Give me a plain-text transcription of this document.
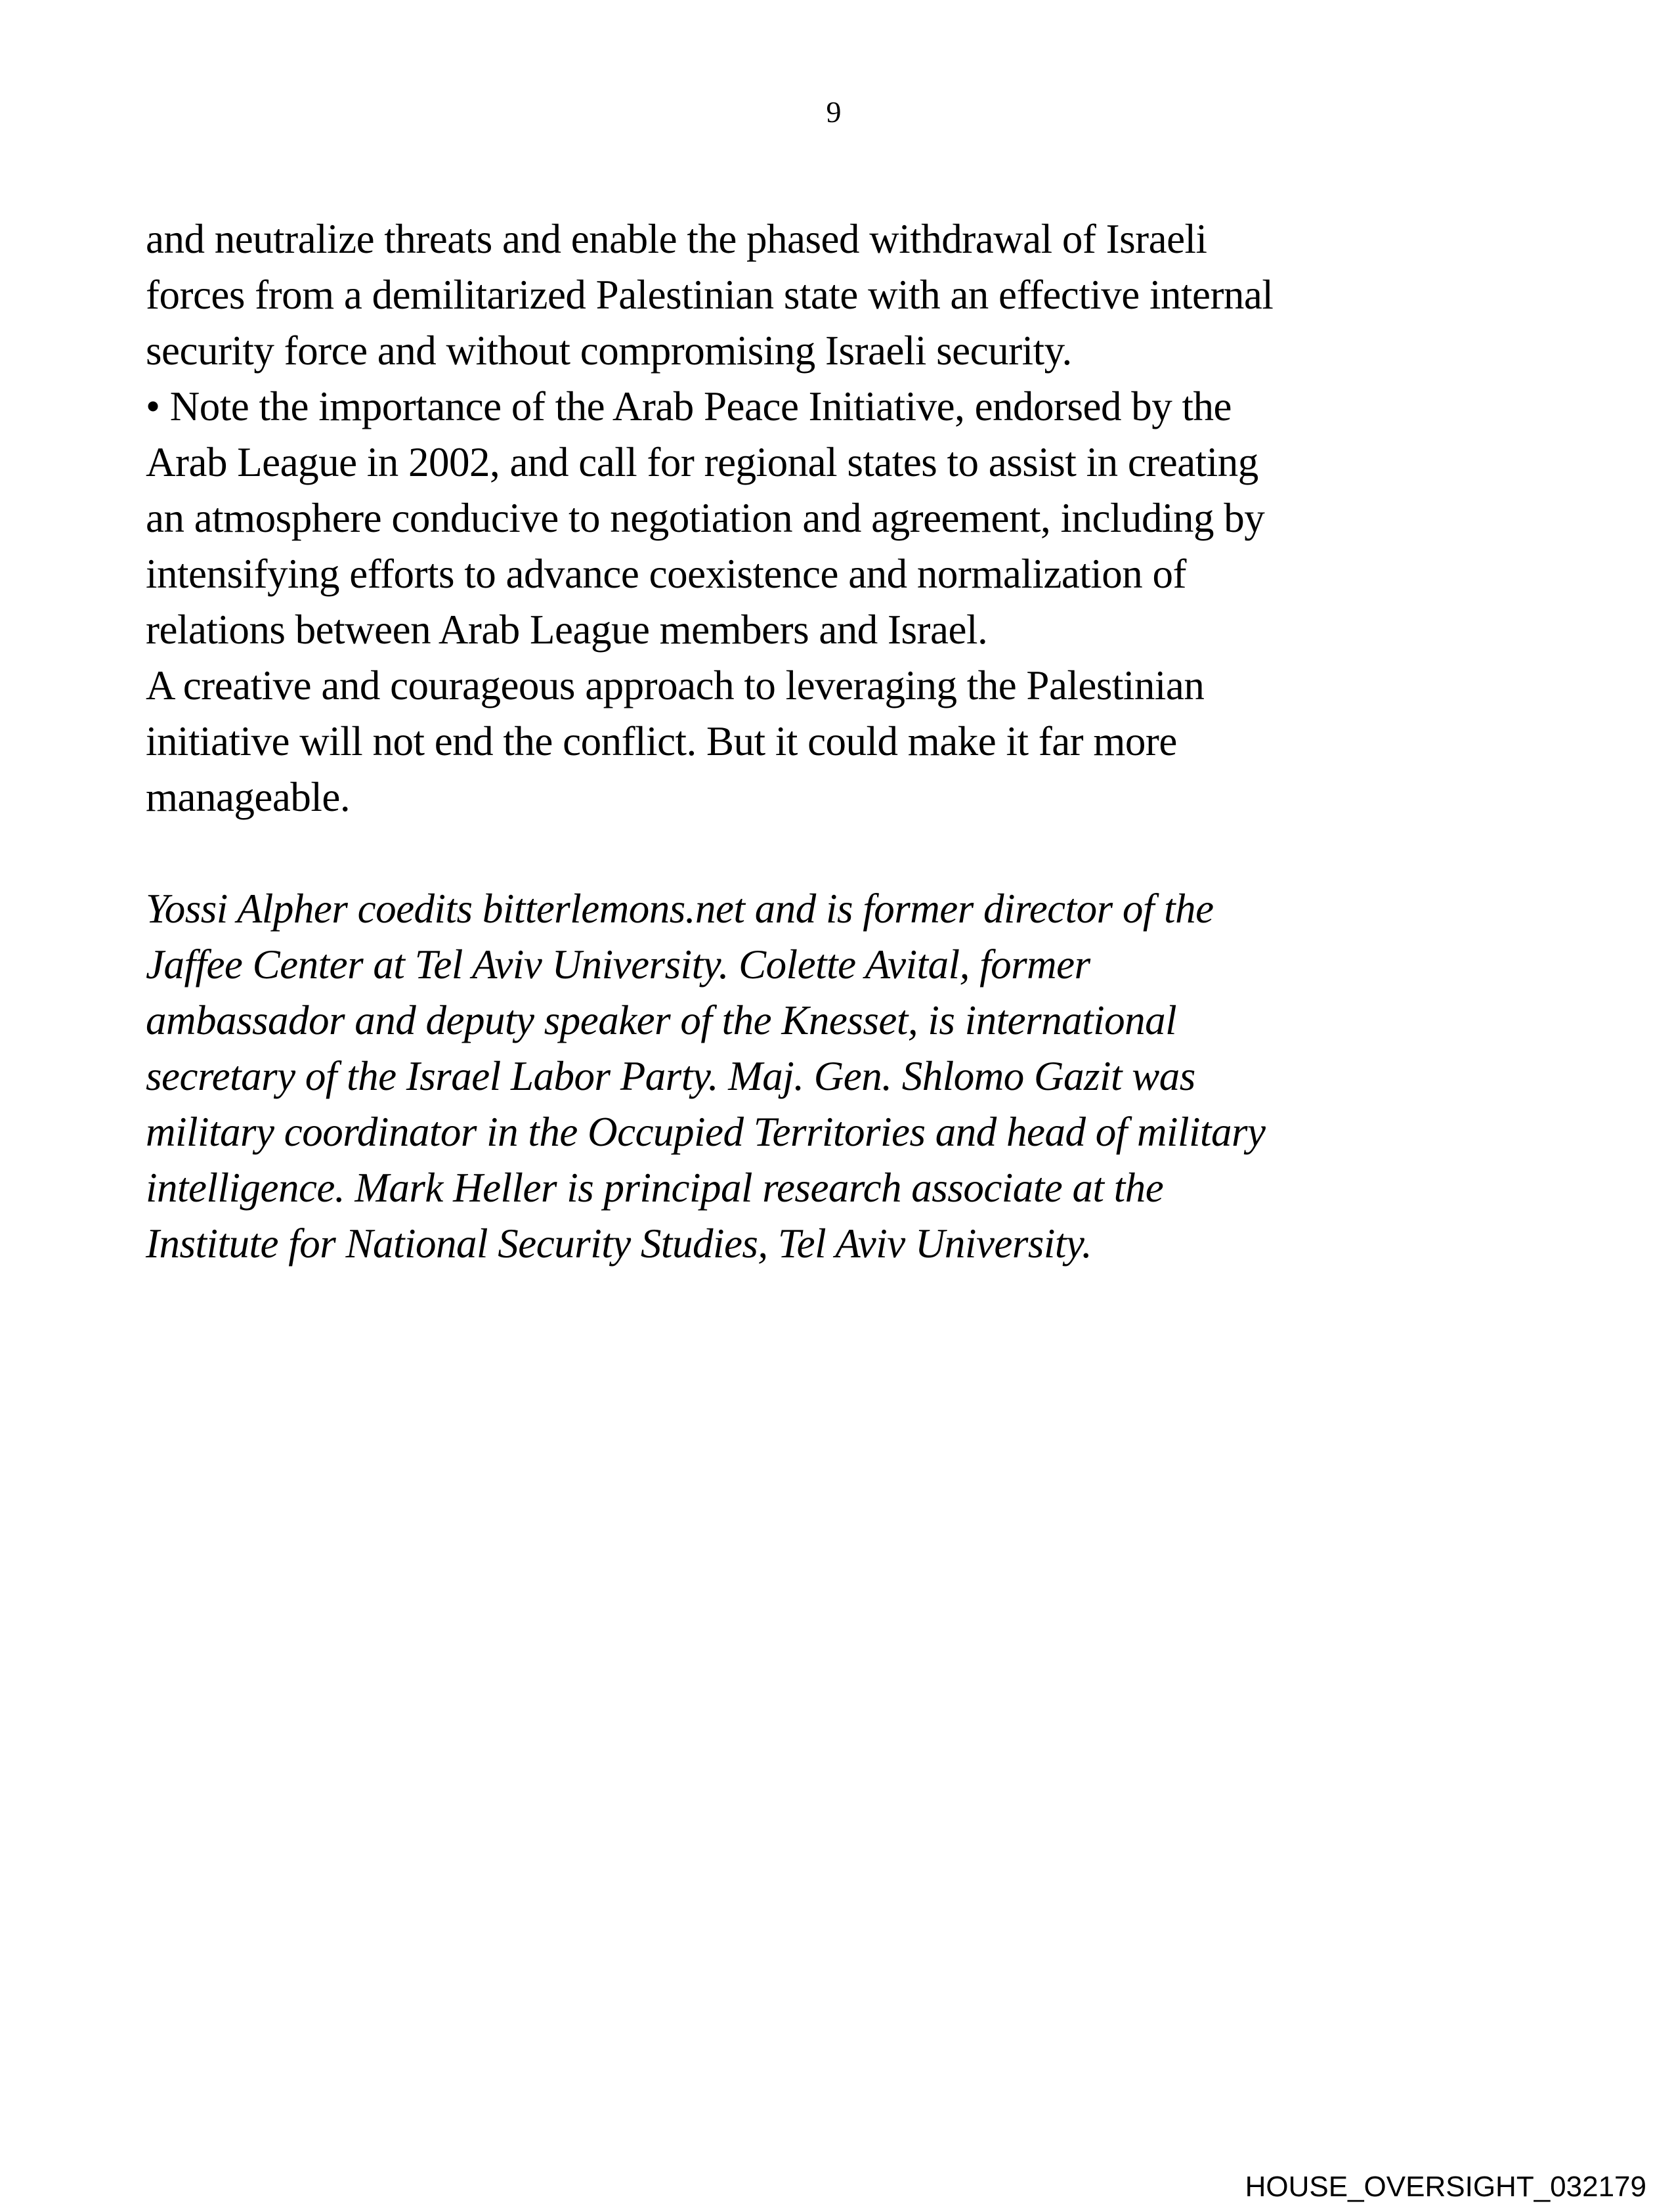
9
and neutralize threats and enable the phased withdrawal of Israeli
forces from a demilitarized Palestinian state with an effective internal
security force and without compromising Israeli security.
• Note the importance of the Arab Peace Initiative, endorsed by the
Arab League in 2002, and call for regional states to assist in creating
an atmosphere conducive to negotiation and agreement, including by
intensifying efforts to advance coexistence and normalization of
relations between Arab League members and Israel.
A creative and courageous approach to leveraging the Palestinian
initiative will not end the conflict. But it could make it far more
manageable.
Yossi Alpher coedits bitterlemons.net and is former director of the
Jaffee Center at Tel Aviv University. Colette Avital, former
ambassador and deputy speaker of the Knesset, is international
secretary of the Israel Labor Party. Maj. Gen. Shlomo Gazit was
military coordinator in the Occupied Territories and head of military
intelligence. Mark Heller is principal research associate at the
Institute for National Security Studies, Tel Aviv University.
HOUSE_OVERSIGHT_032179
